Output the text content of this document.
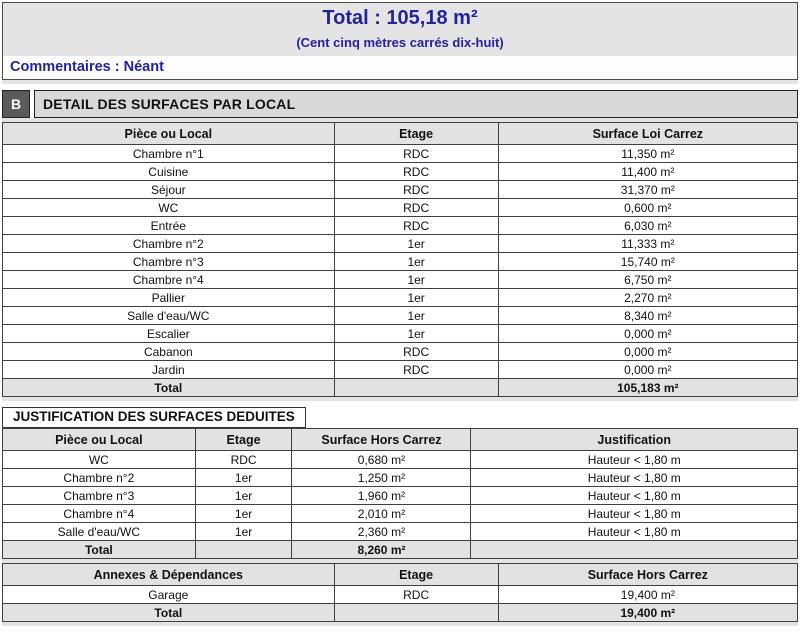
Total : 105,18 m²
(Cent cinq mètres carrés dix-huit)
Commentaires : Néant
B	DETAIL DES SURFACES PAR LOCAL
Pièce ou Local	Etage	Surface Loi Carrez
Chambre n°1	RDC	11,350 m²
Cuisine	RDC	11,400 m²
Séjour	RDC	31,370 m²
WC	RDC	0,600 m²
Entrée	RDC	6,030 m²
Chambre n°2	1er	11,333 m²
Chambre n°3	1er	15,740 m²
Chambre n°4	1er	6,750 m²
Pallier	1er	2,270 m²
Salle d'eau/WC	1er	8,340 m²
Escalier	1er	0,000 m²
Cabanon	RDC	0,000 m²
Jardin	RDC	0,000 m²
Total		105,183 m²
JUSTIFICATION DES SURFACES DEDUITES
Pièce ou Local	Etage	Surface Hors Carrez	Justification
WC	RDC	0,680 m²	Hauteur < 1,80 m
Chambre n°2	1er	1,250 m²	Hauteur < 1,80 m
Chambre n°3	1er	1,960 m²	Hauteur < 1,80 m
Chambre n°4	1er	2,010 m²	Hauteur < 1,80 m
Salle d'eau/WC	1er	2,360 m²	Hauteur < 1,80 m
Total		8,260 m²	
Annexes & Dépendances	Etage	Surface Hors Carrez
Garage	RDC	19,400 m²
Total		19,400 m²
